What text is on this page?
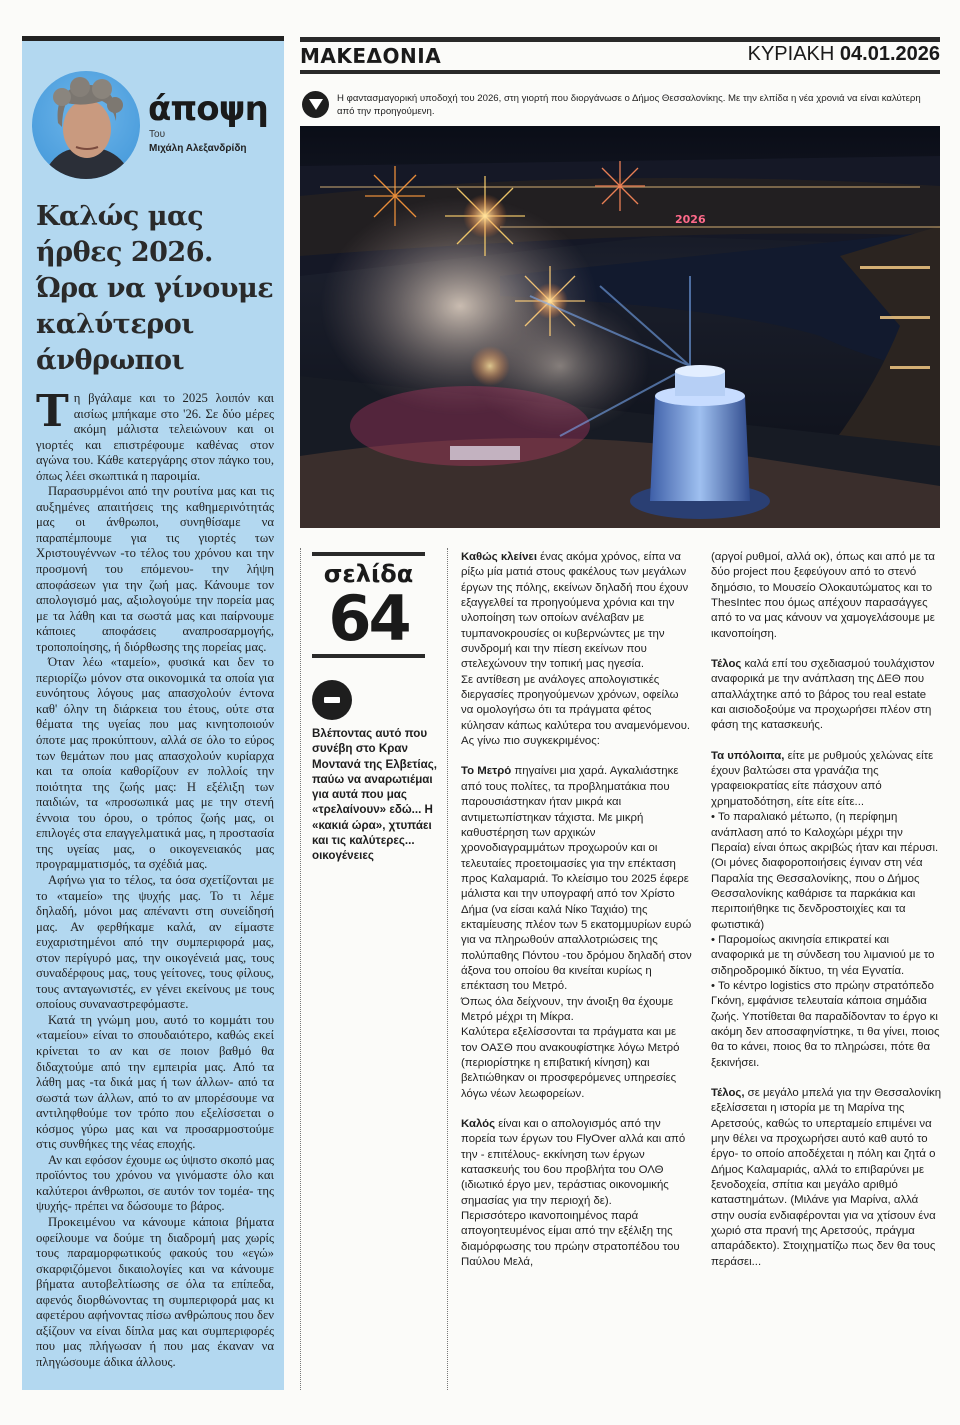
άποψη
Του
Μιχάλη Αλεξανδρίδη
Καλώς μας ήρθες 2026. Ώρα να γίνουμε καλύτεροι άνθρωποι

Τη βγάλαμε και το 2025 λοιπόν και αισίως μπήκαμε στο '26. Σε δύο μέρες ακόμη μάλιστα τελειώνουν και οι γιορτές και επιστρέφουμε καθένας στον αγώνα του. Κάθε κατεργάρης στον πάγκο του, όπως λέει σκωπτικά η παροιμία.

Παρασυρμένοι από την ρουτίνα μας και τις αυξημένες απαιτήσεις της καθημερινότητάς μας οι άνθρωποι, συνηθίσαμε να παραπέμπουμε για τις γιορτές των Χριστουγέννων -το τέλος του χρόνου και την προσμονή του επόμενου- την λήψη αποφάσεων για την ζωή μας. Κάνουμε τον απολογισμό μας, αξιολογούμε την πορεία μας με τα λάθη και τα σωστά μας και παίρνουμε κάποιες αποφάσεις αναπροσαρμογής, τροποποίησης, ή διόρθωσης της πορείας μας.

Όταν λέω «ταμείο», φυσικά και δεν το περιορίζω μόνον στα οικονομικά τα οποία για ευνόητους λόγους μας απασχολούν έντονα καθ' όλην τη διάρκεια του έτους, ούτε στα θέματα της υγείας που μας κινητοποιούν όποτε μας προκύπτουν, αλλά σε όλο το εύρος των θεμάτων που μας απασχολούν κυρίαρχα και τα οποία καθορίζουν εν πολλοίς την ποιότητα της ζωής μας: Η εξέλιξη των παιδιών, τα «προσωπικά μας με την στενή έννοια του όρου, ο τρόπος ζωής μας, οι επιλογές στα επαγγελματικά μας, η προστασία της υγείας μας, ο οικογενειακός μας προγραμματισμός, τα σχέδιά μας.

Αφήνω για το τέλος, τα όσα σχετίζονται με το «ταμείο» της ψυχής μας. Το τι λέμε δηλαδή, μόνοι μας απέναντι στη συνείδησή μας. Αν φερθήκαμε καλά, αν είμαστε ευχαριστημένοι από την συμπεριφορά μας, στον περίγυρό μας, την οικογένειά μας, τους συναδέρφους μας, τους γείτονες, τους φίλους, τους ανταγωνιστές, εν γένει εκείνους με τους οποίους συναναστρεφόμαστε.

Κατά τη γνώμη μου, αυτό το κομμάτι του «ταμείου» είναι το σπουδαιότερο, καθώς εκεί κρίνεται το αν και σε ποιον βαθμό θα διδαχτούμε από την εμπειρία μας. Από τα λάθη μας -τα δικά μας ή των άλλων- από τα σωστά των άλλων, από το αν μπορέσουμε να αντιληφθούμε τον τρόπο που εξελίσσεται ο κόσμος γύρω μας και να προσαρμοστούμε στις συνθήκες της νέας εποχής.

Αν και εφόσον έχουμε ως ύψιστο σκοπό μας προϊόντος του χρόνου να γινόμαστε όλο και καλύτεροι άνθρωποι, σε αυτόν τον τομέα- της ψυχής- πρέπει να δώσουμε το βάρος.

Προκειμένου να κάνουμε κάποια βήματα οφείλουμε να δούμε τη διαδρομή μας χωρίς τους παραμορφωτικούς φακούς του «εγώ» σκαρφιζόμενοι δικαιολογίες και να κάνουμε βήματα αυτοβελτίωσης σε όλα τα επίπεδα, αφενός διορθώνοντας τη συμπεριφορά μας κι αφετέρου αφήνοντας πίσω ανθρώπους που δεν αξίζουν να είναι δίπλα μας και συμπεριφορές που μας πλήγωσαν ή που μας έκαναν να πληγώσουμε άδικα άλλους.

ΜΑΚΕΔΟΝΙΑ	ΚΥΡΙΑΚΗ 04.01.2026
Η φαντασμαγορική υποδοχή του 2026, στη γιορτή που διοργάνωσε ο Δήμος Θεσσαλονίκης. Με την ελπίδα η νέα χρονιά να είναι καλύτερη από την προηγούμενη.
2026
σελίδα
64
Βλέποντας αυτό που συνέβη στο Κραν Μοντανά της Ελβετίας, παύω να αναρωτιέμαι για αυτά που μας «τρελαίνουν» εδώ... Η «κακιά ώρα», χτυπάει και τις καλύτερες... οικογένειες

Καθώς κλείνει ένας ακόμα χρόνος, είπα να ρίξω μία ματιά στους φακέλους των μεγάλων έργων της πόλης, εκείνων δηλαδή που έχουν εξαγγελθεί τα προηγούμενα χρόνια και την υλοποίηση των οποίων ανέλαβαν με τυμπανοκρουσίες οι κυβερνώντες με την συνδρομή και την πίεση εκείνων που στελεχώνουν την τοπική μας ηγεσία.

Σε αντίθεση με ανάλογες απολογιστικές διεργασίες προηγούμενων χρόνων, οφείλω να ομολογήσω ότι τα πράγματα φέτος κύλησαν κάπως καλύτερα του αναμενόμενου.

Ας γίνω πιο συγκεκριμένος:

Το Μετρό πηγαίνει μια χαρά. Αγκαλιάστηκε από τους πολίτες, τα προβληματάκια που παρουσιάστηκαν ήταν μικρά και αντιμετωπίστηκαν τάχιστα. Με μικρή καθυστέρηση των αρχικών χρονοδιαγραμμάτων προχωρούν και οι τελευταίες προετοιμασίες για την επέκταση προς Καλαμαριά. Το κλείσιμο του 2025 έφερε μάλιστα και την υπογραφή από τον Χρίστο Δήμα (να είσαι καλά Νίκο Ταχιάο) της εκταμίευσης πλέον των 5 εκατομμυρίων ευρώ για να πληρωθούν απαλλοτριώσεις της πολύπαθης Πόντου -του δρόμου δηλαδή στον άξονα του οποίου θα κινείται κυρίως η επέκταση του Μετρό.

Όπως όλα δείχνουν, την άνοιξη θα έχουμε Μετρό μέχρι τη Μίκρα.

Καλύτερα εξελίσσονται τα πράγματα και με τον ΟΑΣΘ που ανακουφίστηκε λόγω Μετρό (περιορίστηκε η επιβατική κίνηση) και βελτιώθηκαν οι προσφερόμενες υπηρεσίες λόγω νέων λεωφορείων.

Καλός είναι και ο απολογισμός από την πορεία των έργων του FlyOver αλλά και από την - επιτέλους- εκκίνηση των έργων κατασκευής του 6ου προβλήτα του ΟΛΘ (ιδιωτικό έργο μεν, τεράστιας οικονομικής σημασίας για την περιοχή δε).

Περισσότερο ικανοποιημένος παρά απογοητευμένος είμαι από την εξέλιξη της διαμόρφωσης του πρώην στρατοπέδου του Παύλου Μελά,

(αργοί ρυθμοί, αλλά οκ), όπως και από με τα δύο project που ξεφεύγουν από το στενό δημόσιο, το Μουσείο Ολοκαυτώματος και το ThesIntec που όμως απέχουν παρασάγγες από το να μας κάνουν να χαμογελάσουμε με ικανοποίηση.

Τέλος καλά επί του σχεδιασμού τουλάχιστον αναφορικά με την ανάπλαση της ΔΕΘ που απαλλάχτηκε από το βάρος του real estate και αισιοδοξούμε να προχωρήσει πλέον στη φάση της κατασκευής.

Τα υπόλοιπα, είτε με ρυθμούς χελώνας είτε έχουν βαλτώσει στα γρανάζια της γραφειοκρατίας είτε πάσχουν από χρηματοδότηση, είτε είτε είτε...

• Το παραλιακό μέτωπο, (η περίφημη ανάπλαση από το Καλοχώρι μέχρι την Περαία) είναι όπως ακριβώς ήταν και πέρυσι. (Οι μόνες διαφοροποιήσεις έγιναν στη νέα Παραλία της Θεσσαλονίκης, που ο Δήμος Θεσσαλονίκης καθάρισε τα παρκάκια και περιποιήθηκε τις δενδροστοιχίες και τα φωτιστικά)

• Παρομοίως ακινησία επικρατεί και αναφορικά με τη σύνδεση του λιμανιού με το σιδηροδρομικό δίκτυο, τη νέα Εγνατία.

• Το κέντρο logistics στο πρώην στρατόπεδο Γκόνη, εμφάνισε τελευταία κάποια σημάδια ζωής. Υποτίθεται θα παραδίδονταν το έργο κι ακόμη δεν αποσαφηνίστηκε, τι θα γίνει, ποιος θα το κάνει, ποιος θα το πληρώσει, πότε θα ξεκινήσει.

Τέλος, σε μεγάλο μπελά για την Θεσσαλονίκη εξελίσσεται η ιστορία με τη Μαρίνα της Αρετσούς, καθώς το υπερταμείο επιμένει να μην θέλει να προχωρήσει αυτό καθ αυτό το έργο- το οποίο αποδέχεται η πόλη και ζητά ο Δήμος Καλαμαριάς, αλλά το επιβαρύνει με ξενοδοχεία, σπίτια και μεγάλο αριθμό καταστημάτων. (Μιλάνε για Μαρίνα, αλλά στην ουσία ενδιαφέρονται για να χτίσουν ένα χωριό στα πρανή της Αρετσούς, πράγμα απαράδεκτο). Στοιχηματίζω πως δεν θα τους περάσει...
